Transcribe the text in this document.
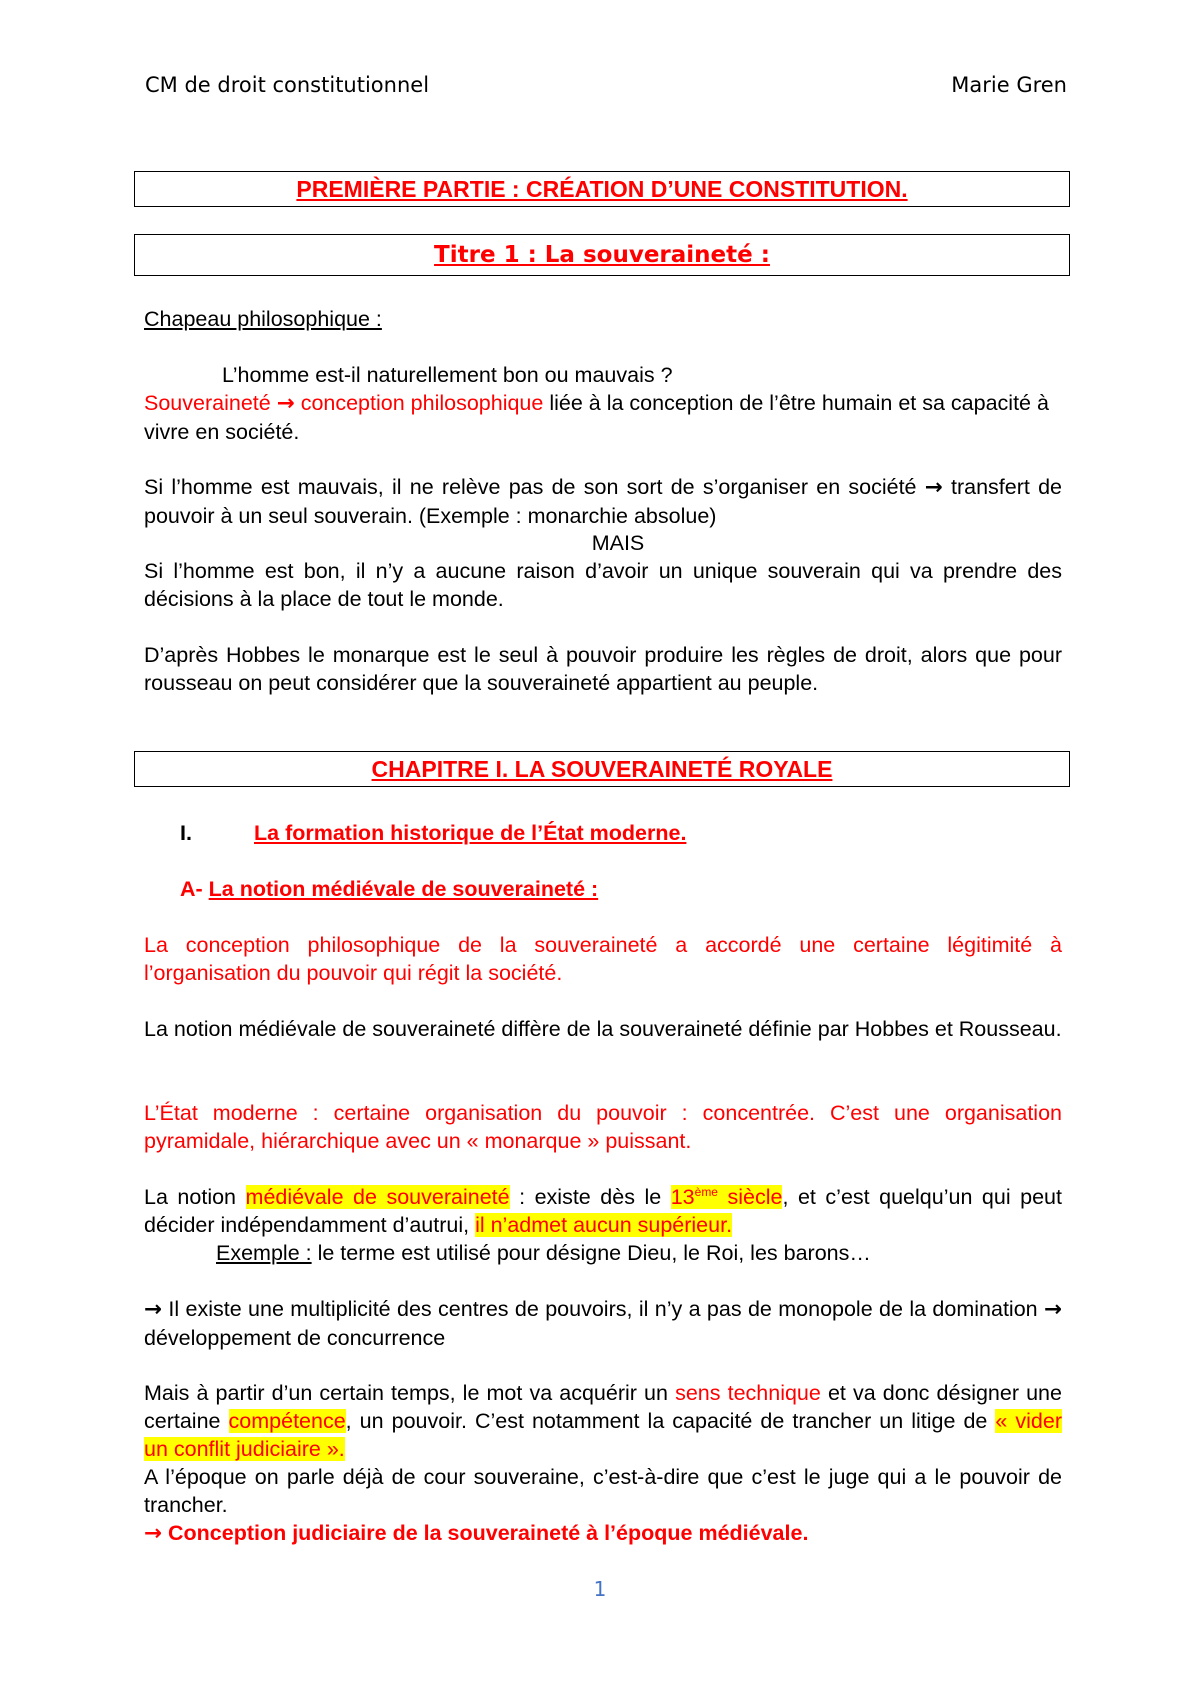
CM de droit constitutionnel	Marie Gren
PREMIÈRE PARTIE : CRÉATION D’UNE CONSTITUTION.
Titre 1 : La souveraineté :
Chapeau philosophique :
L’homme est-il naturellement bon ou mauvais ?
Souveraineté → conception philosophique liée à la conception de l’être humain et sa capacité à vivre en société.
Si l’homme est mauvais, il ne relève pas de son sort de s’organiser en société → transfert de pouvoir à un seul souverain. (Exemple : monarchie absolue)
MAIS
Si l’homme est bon, il n’y a aucune raison d’avoir un unique souverain qui va prendre des décisions à la place de tout le monde.
D’après Hobbes le monarque est le seul à pouvoir produire les règles de droit, alors que pour rousseau on peut considérer que la souveraineté appartient au peuple.
CHAPITRE I. LA SOUVERAINETÉ ROYALE
I.	La formation historique de l’État moderne.
A- La notion médiévale de souveraineté :
La conception philosophique de la souveraineté a accordé une certaine légitimité à l’organisation du pouvoir qui régit la société.
La notion médiévale de souveraineté diffère de la souveraineté définie par Hobbes et Rousseau.
L’État moderne : certaine organisation du pouvoir : concentrée. C’est une organisation pyramidale, hiérarchique avec un « monarque » puissant.
La notion médiévale de souveraineté : existe dès le 13ème siècle, et c’est quelqu’un qui peut décider indépendamment d’autrui, il n’admet aucun supérieur.
Exemple : le terme est utilisé pour désigne Dieu, le Roi, les barons…
→ Il existe une multiplicité des centres de pouvoirs, il n’y a pas de monopole de la domination → développement de concurrence
Mais à partir d’un certain temps, le mot va acquérir un sens technique et va donc désigner une certaine compétence, un pouvoir. C’est notamment la capacité de trancher un litige de « vider un conflit judiciaire ».
A l’époque on parle déjà de cour souveraine, c’est-à-dire que c’est le juge qui a le pouvoir de trancher.
→ Conception judiciaire de la souveraineté à l’époque médiévale.
1
